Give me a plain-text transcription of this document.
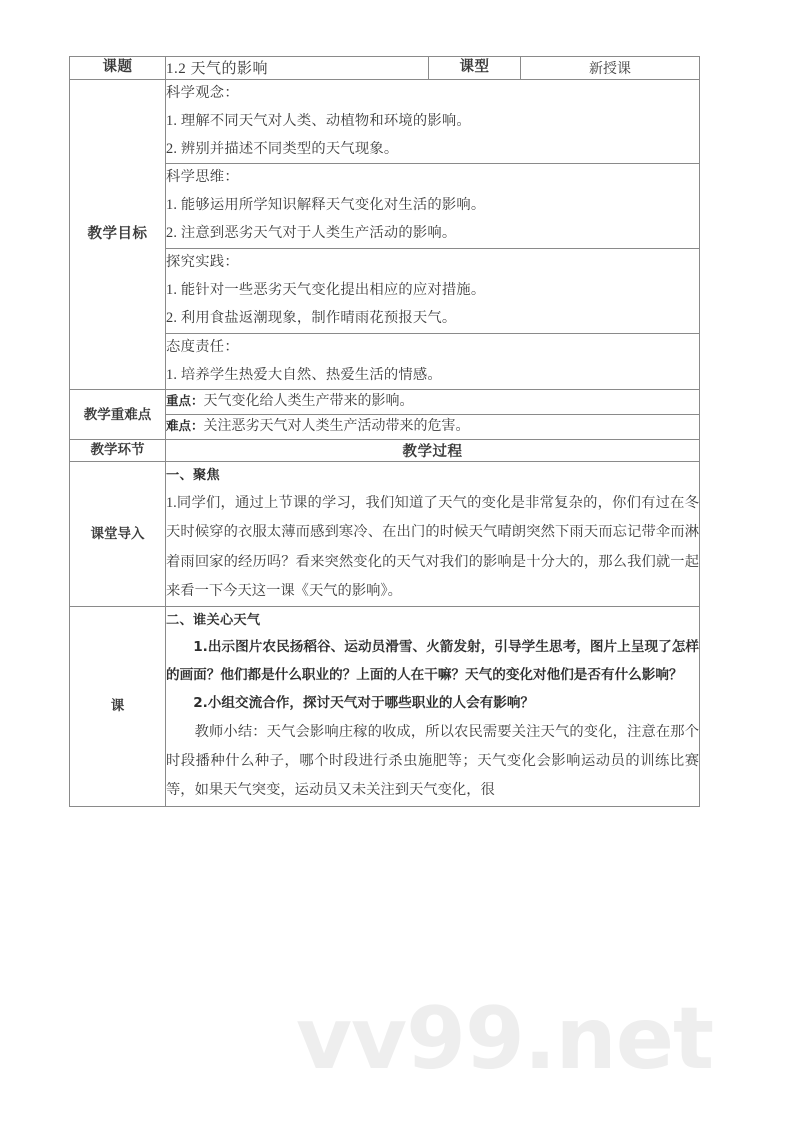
vv99.net
课题	1.2 天气的影响	课型	新授课
教学目标	科学观念：

1. 理解不同天气对人类、动植物和环境的影响。

2. 辨别并描述不同类型的天气现象。		

	科学思维：

1. 能够运用所学知识解释天气变化对生活的影响。

2. 注意到恶劣天气对于人类生产活动的影响。		

	探究实践：

1. 能针对一些恶劣天气变化提出相应的应对措施。

2. 利用食盐返潮现象，制作晴雨花预报天气。		

	态度责任：

1. 培养学生热爱大自然、热爱生活的情感。		

教学重难点	重点：天气变化给人类生产带来的影响。		
	难点：关注恶劣天气对人类生产活动带来的危害。		
教学环节	教学过程		
课堂导入	一、聚焦

1.同学们，通过上节课的学习，我们知道了天气的变化是非常复杂的，你们有过在冬天时候穿的衣服太薄而感到寒冷、在出门的时候天气晴朗突然下雨天而忘记带伞而淋着雨回家的经历吗？看来突然变化的天气对我们的影响是十分大的，那么我们就一起来看一下今天这一课《天气的影响》。		

课	二、谁关心天气

1.出示图片农民扬稻谷、运动员滑雪、火箭发射，引导学生思考，图片上呈现了怎样的画面？他们都是什么职业的？上面的人在干嘛？天气的变化对他们是否有什么影响？

2.小组交流合作，探讨天气对于哪些职业的人会有影响？

教师小结：天气会影响庄稼的收成，所以农民需要关注天气的变化，注意在那个时段播种什么种子，哪个时段进行杀虫施肥等；天气变化会影响运动员的训练比赛等，如果天气突变，运动员又未关注到天气变化，很		
